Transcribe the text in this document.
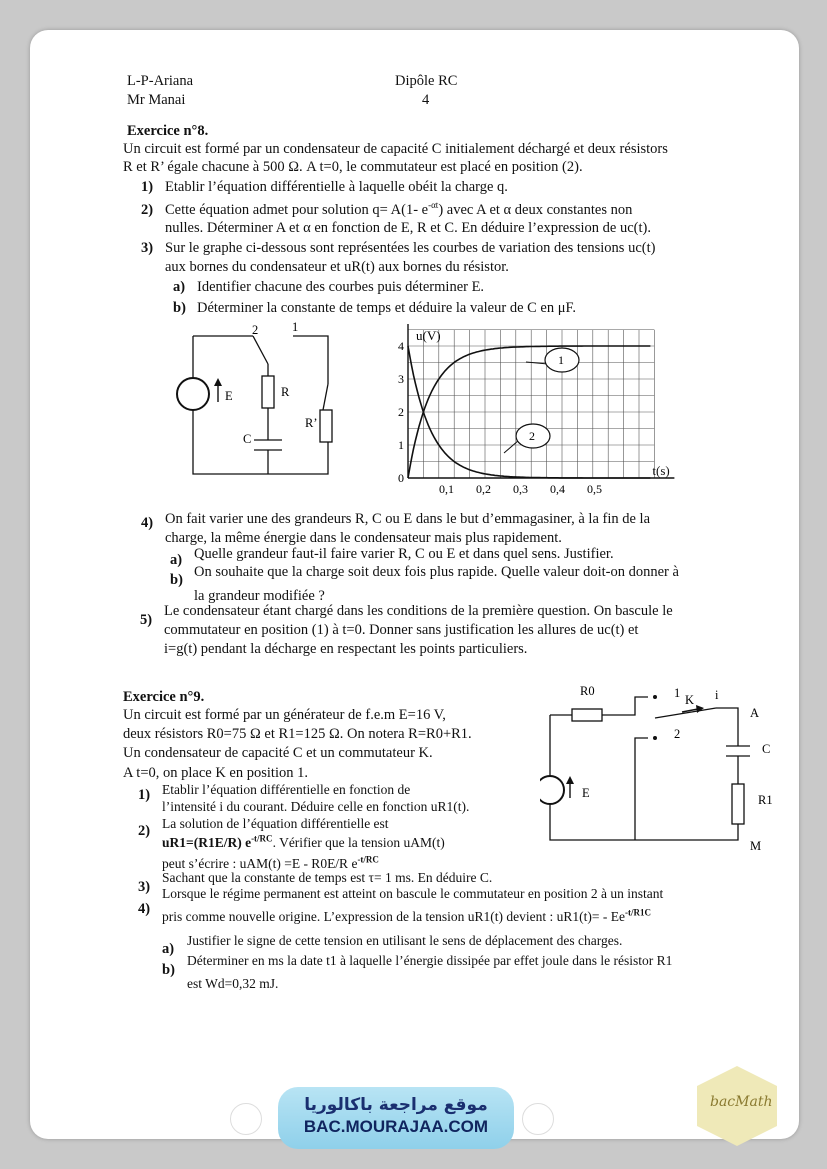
L-P-Ariana
Mr Manai
Dipôle RC
4
Exercice n°8.
Un circuit est formé par un condensateur de capacité C initialement déchargé et deux résistors
R et R’ égale chacune à 500 Ω. A t=0, le commutateur est placé en position (2).
1) Etablir l’équation différentielle à laquelle obéit la charge q.
2) Cette équation admet pour solution q= A(1- $e^{-\alpha t}$) avec A et α deux constantes non
nulles. Déterminer A et α en fonction de E, R et C. En déduire l’expression de uc(t).
3) Sur le graphe ci-dessous sont représentées les courbes de variation des tensions uc(t)
aux bornes du condensateur et uR(t) aux bornes du résistor.
a) Identifier chacune des courbes puis déterminer E.
b) Déterminer la constante de temps et déduire la valeur de C en μF.
2	1
E	R
C
R’
0,1 0,2 0,3 0,4 0,5
0
1
2
3
4
t(s)
u(V)
1
2
4) On fait varier une des grandeurs R, C ou E dans le but d’emmagasiner, à la fin de la
charge, la même énergie dans le condensateur mais plus rapidement.
a) Quelle grandeur faut-il faire varier R, C ou E et dans quel sens. Justifier.
b) On souhaite que la charge soit deux fois plus rapide. Quelle valeur doit-on donner à
la grandeur modifiée ?
5)
Le condensateur étant chargé dans les conditions de la première question. On bascule le
commutateur en position (1) à t=0. Donner sans justification les allures de uc(t) et
i=g(t) pendant la décharge en respectant les points particuliers.
Exercice n°9.
Un circuit est formé par un générateur de f.e.m E=16 V,
deux résistors R0=75 Ω et R1=125 Ω. On notera R=R0+R1.
Un condensateur de capacité C et un commutateur K.
A t=0, on place K en position 1.
1) Etablir l’équation différentielle en fonction de
l’intensité i du courant. Déduire celle en fonction uR1(t).
2) La solution de l’équation différentielle est
uR1=(R1E/R) $e^{-t/RC}$. Vérifier que la tension uAM(t)
peut s’écrire : uAM(t) =E - R0E/R $e^{-t/RC}$
3)
Sachant que la constante de temps est τ= 1 ms. En déduire C.
4)
Lorsque le régime permanent est atteint on bascule le commutateur en position 2 à un instant
pris comme nouvelle origine. L’expression de la tension uR1(t) devient : $uR1(t)= - Ee^{-t/R1C}$
a)
Justifier le signe de cette tension en utilisant le sens de déplacement des charges.
b)
Déterminer en ms la date t1 à laquelle l’énergie dissipée par effet joule dans le résistor R1
est Wd=0,32 mJ.
R0	1 K i
A
2
C
E	R1
M
موقع مراجعة باكالوريا
BAC.MOURAJAA.COM
bacMath
